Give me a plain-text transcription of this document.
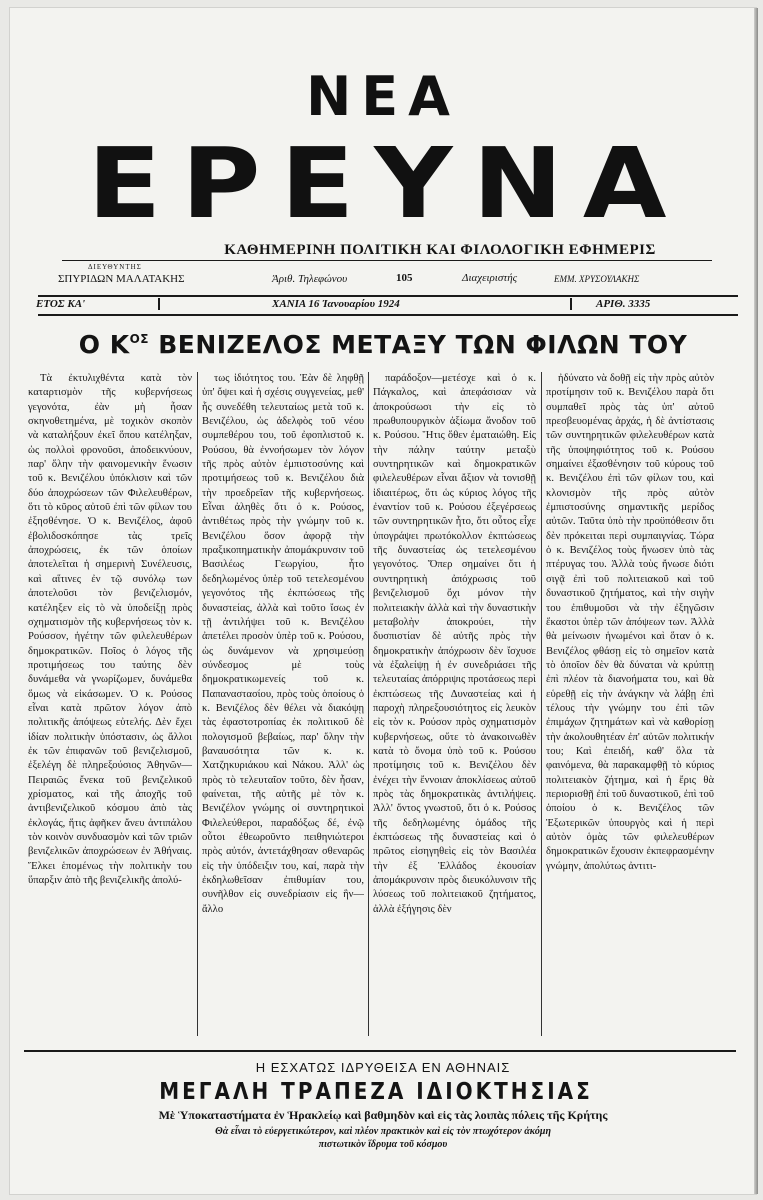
ΝΕΑ
ΕΡΕΥΝΑ
ΚΑΘΗΜΕΡΙΝΗ ΠΟΛΙΤΙΚΗ ΚΑΙ ΦΙΛΟΛΟΓΙΚΗ ΕΦΗΜΕΡΙΣ
ΔΙΕΥΘΥΝΤΗΣ
ΣΠΥΡΙΔΩΝ ΜΑΛΑΤΑΚΗΣ	Ἀριθ. Τηλεφώνου	105	Διαχειριστής	ΕΜΜ. ΧΡΥΣΟΥΛΑΚΗΣ
ΕΤΟΣ ΚΑ'	ΧΑΝΙΑ 16 Ἰανουαρίου 1924	ΑΡΙΘ. 3335
Ο $K^{O\Sigma}$ ΒΕΝΙΖΕΛΟΣ ΜΕΤΑΞΥ ΤΩΝ ΦΙΛΩΝ ΤΟΥ

Τὰ ἐκτυλιχθέντα κατὰ τὸν καταρτισμὸν τῆς κυβερνήσεως γεγονότα, ἐὰν μὴ ἦσαν σκηνοθετημένα, μὲ τοχικὸν σκοπὸν νὰ καταλήξουν ἐκεῖ ὅπου κατέληξαν, ὡς πολλοὶ φρονοῦσι, ἀποδεικνύουν, παρ' ὅλην τὴν φαινομενικὴν ἕνωσιν τοῦ κ. Βενιζέλου ὑπόκλισιν καὶ τῶν δύο ἀποχρώσεων τῶν Φιλελευθέρων, ὅτι τὸ κῦρος αὐτοῦ ἐπὶ τῶν φίλων του ἐξησθένησε. Ὁ κ. Βενιζέλος, ἀφοῦ ἐβολιδοσκόπησε τὰς τρεῖς ἀποχρώσεις, ἐκ τῶν ὁποίων ἀποτελεῖται ἡ σημερινὴ Συνέλευσις, καὶ αἵτινες ἐν τῷ συνόλῳ των ἀποτελοῦσι τὸν βενιζελισμόν, κατέληξεν εἰς τὸ νὰ ὑποδείξῃ πρὸς σχηματισμὸν τῆς κυβερνήσεως τὸν κ. Ρούσσον, ἡγέτην τῶν φιλελευθέρων δημοκρατικῶν. Ποῖος ὁ λόγος τῆς προτιμήσεως του ταύτης δὲν δυνάμεθα νὰ γνωρίζωμεν, δυνάμεθα ὅμως νὰ εἰκάσωμεν. Ὁ κ. Ρούσος εἶναι κατὰ πρῶτον λόγον ἀπὸ πολιτικῆς ἀπόψεως εὐτελής. Δὲν ἔχει ἰδίαν πολιτικὴν ὑπόστασιν, ὡς ἄλλοι ἐκ τῶν ἐπιφανῶν τοῦ βενιζελισμοῦ, ἐξελέγη δὲ πληρεξούσιος Ἀθηνῶν—Πειραιῶς ἔνεκα τοῦ βενιζελικοῦ χρίσματος, καὶ τῆς ἀποχῆς τοῦ ἀντιβενιζελικοῦ κόσμου ἀπὸ τὰς ἐκλογάς, ἥτις ἀφῆκεν ἄνευ ἀντιπάλου τὸν κοινὸν συνδυασμὸν καὶ τῶν τριῶν βενιζελικῶν ἀποχρώσεων ἐν Ἀθήναις. Ἕλκει ἑπομένως τὴν πολιτικὴν του ὕπαρξιν ἀπὸ τῆς βενιζελικῆς ἀπολύ-

τως ἰδιότητος του. Ἐὰν δὲ ληφθῇ ὑπ' ὄψει καὶ ἡ σχέσις συγγενείας, μεθ' ἧς συνεδέθη τελευταίως μετὰ τοῦ κ. Βενιζέλου, ὡς ἀδελφὸς τοῦ νέου συμπεθέρου του, τοῦ ἐφοπλιστοῦ κ. Ρούσου, θὰ ἐννοήσωμεν τὸν λόγον τῆς πρὸς αὐτὸν ἐμπιστοσύνης καὶ προτιμήσεως τοῦ κ. Βενιζέλου διὰ τὴν προεδρεῖαν τῆς κυβερνήσεως. Εἶναι ἀληθὲς ὅτι ὁ κ. Ρούσος, ἀντιθέτως πρὸς τὴν γνώμην τοῦ κ. Βενιζέλου ὅσον ἀφορᾷ τὴν πραξικοπηματικὴν ἀπομάκρυνσιν τοῦ Βασιλέως Γεωργίου, ἦτο δεδηλωμένος ὑπὲρ τοῦ τετελεσμένου γεγονότος τῆς ἐκπτώσεως τῆς δυναστείας, ἀλλὰ καὶ τοῦτο ἴσως ἐν τῇ ἀντιλήψει τοῦ κ. Βενιζέλου ἀπετέλει προσὸν ὑπὲρ τοῦ κ. Ρούσου, ὡς δυνάμενον νὰ χρησιμεύσῃ σύνδεσμος μὲ τοὺς δημοκρατικωμενείς τοῦ κ. Παπαναστασίου, πρὸς τοὺς ὁποίους ὁ κ. Βενιζέλος δὲν θέλει νὰ διακόψῃ τὰς ἐφαστοτροπίας ἐκ πολιτικοῦ δὲ πολογισμοῦ βεβαίως, παρ' ὅλην τὴν βαναυσότητα τῶν κ. κ. Χατζηκυριάκου καὶ Νάκου. Ἀλλ' ὡς πρὸς τὸ τελευταῖον τοῦτο, δὲν ἦσαν, φαίνεται, τῆς αὐτῆς μὲ τὸν κ. Βενιζέλον γνώμης οἱ συντηρητικοὶ Φιλελεύθεροι, παραδόξως δέ, ἐνῷ οὗτοι ἐθεωροῦντο πειθηνιώτεροι πρὸς αὐτόν, ἀντετάχθησαν σθεναρῶς εἰς τὴν ὑπόδειξιν του, καί, παρὰ τὴν ἐκδηλωθεῖσαν ἐπιθυμίαν του, συνῆλθον εἰς συνεδρίασιν εἰς ἣν—ἄλλο

παράδοξον—μετέσχε καὶ ὁ κ. Πάγκαλος, καὶ ἀπεφάσισαν νὰ ἀποκρούσωσι τὴν εἰς τὸ πρωθυπουργικὸν ἀξίωμα ἄνοδον τοῦ κ. Ρούσου. Ἥτις ὅθεν ἐματαιώθη. Εἰς τὴν πάλην ταύτην μεταξὺ συντηρητικῶν καὶ δημοκρατικῶν φιλελευθέρων εἶναι ἄξιον νὰ τονισθῇ ἰδιαιτέρως, ὅτι ὡς κύριος λόγος τῆς ἐναντίον τοῦ κ. Ρούσου ἐξεγέρσεως τῶν συντηρητικῶν ἦτο, ὅτι οὗτος εἶχε ὑπογράψει πρωτόκολλον ἐκπτώσεως τῆς δυναστείας ὡς τετελεσμένου γεγονότος. Ὅπερ σημαίνει ὅτι ἡ συντηρητικὴ ἀπόχρωσις τοῦ βενιζελισμοῦ ὄχι μόνον τὴν πολιτειακὴν ἀλλὰ καὶ τὴν δυναστικὴν μεταβολὴν ἀποκρούει, τὴν δυσπιστίαν δὲ αὐτῆς πρὸς τὴν δημοκρατικὴν ἀπόχρωσιν δὲν ἴσχυσε νὰ ἐξαλείψῃ ἡ ἐν συνεδριάσει τῆς τελευταίας ἀπόρριψις προτάσεως περὶ ἐκπτώσεως τῆς Δυναστείας καὶ ἡ παροχὴ πληρεξουσιότητος εἰς λευκὸν εἰς τὸν κ. Ρούσον πρὸς σχηματισμὸν κυβερνήσεως, οὔτε τὸ ἀνακοινωθὲν κατὰ τὸ ὄνομα ὑπὸ τοῦ κ. Ρούσου προτίμησις τοῦ κ. Βενιζέλου δὲν ἐνέχει τὴν ἔννοιαν ἀποκλίσεως αὐτοῦ πρὸς τὰς δημοκρατικὰς ἀντιλήψεις. Ἀλλ' ὄντος γνωστοῦ, ὅτι ὁ κ. Ρούσος τῆς δεδηλωμένης ὁμάδος τῆς ἐκπτώσεως τῆς δυναστείας καὶ ὁ πρῶτος εἰσηγηθεὶς εἰς τὸν Βασιλέα τὴν ἐξ Ἑλλάδος ἑκουσίαν ἀπομάκρυνσιν πρὸς διευκόλυνσιν τῆς λύσεως τοῦ πολιτειακοῦ ζητήματος, ἀλλὰ ἐξήγησις δὲν

ἠδύνατο νὰ δοθῇ εἰς τὴν πρὸς αὐτὸν προτίμησιν τοῦ κ. Βενιζέλου παρὰ ὅτι συμπαθεῖ πρὸς τὰς ὑπ' αὐτοῦ πρεσβευομένας ἀρχάς, ἡ δὲ ἀντίστασις τῶν συντηρητικῶν φιλελευθέρων κατὰ τῆς ὑποψηφιότητος τοῦ κ. Ρούσου σημαίνει ἐξασθένησιν τοῦ κύρους τοῦ κ. Βενιζέλου ἐπὶ τῶν φίλων του, καὶ κλονισμὸν τῆς πρὸς αὐτὸν ἐμπιστοσύνης σημαντικῆς μερίδος αὐτῶν. Ταῦτα ὑπὸ τὴν προϋπόθεσιν ὅτι δὲν πρόκειται περὶ συμπαιγνίας. Τώρα ὁ κ. Βενιζέλος τοὺς ἤνωσεν ὑπὸ τὰς πτέρυγας του. Ἀλλὰ τοὺς ἤνωσε διότι σιγᾷ ἐπὶ τοῦ πολιτειακοῦ καὶ τοῦ δυναστικοῦ ζητήματος, καὶ τὴν σιγὴν του ἐπιθυμοῦσι νὰ τὴν ἐξηγῶσιν ἕκαστοι ὑπὲρ τῶν ἀπόψεων των. Ἀλλὰ θὰ μείνωσιν ἡνωμένοι καὶ ὅταν ὁ κ. Βενιζέλος φθάσῃ εἰς τὸ σημεῖον κατὰ τὸ ὁποῖον δὲν θὰ δύναται νὰ κρύπτῃ ἐπὶ πλέον τὰ διανοήματα του, καὶ θὰ εὑρεθῇ εἰς τὴν ἀνάγκην νὰ λάβῃ ἐπὶ τέλους τὴν γνώμην του ἐπὶ τῶν ἐπιμάχων ζητημάτων καὶ νὰ καθορίσῃ τὴν ἀκολουθητέαν ἐπ' αὐτῶν πολιτικήν του; Καὶ ἐπειδή, καθ' ὅλα τὰ φαινόμενα, θὰ παρακαμφθῇ τὸ κύριος πολιτειακὸν ζήτημα, καὶ ἡ ἔρις θὰ περιορισθῇ ἐπὶ τοῦ δυναστικοῦ, ἐπὶ τοῦ ὁποίου ὁ κ. Βενιζέλος τῶν Ἐξωτερικῶν ὑπουργὸς καὶ ἡ περὶ αὐτὸν ὁμὰς τῶν φιλελευθέρων δημοκρατικῶν ἔχουσιν ἐκπεφρασμένην γνώμην, ἀπολύτως ἀντιτι-

Η ΕΣΧΑΤΩΣ ΙΔΡΥΘΕΙΣΑ ΕΝ ΑΘΗΝΑΙΣ
ΜΕΓΑΛΗ ΤΡΑΠΕΖΑ ΙΔΙΟΚΤΗΣΙΑΣ
Μὲ Ὑποκαταστήματα ἐν Ἡρακλείῳ καὶ βαθμηδὸν καὶ εἰς τὰς λοιπὰς πόλεις τῆς Κρήτης
Θὰ εἶναι τὸ εὐεργετικώτερον, καὶ πλέον πρακτικὸν καὶ εἰς τὸν πτωχότερον ἀκόμη
πιστωτικὸν ἵδρυμα τοῦ κόσμου
